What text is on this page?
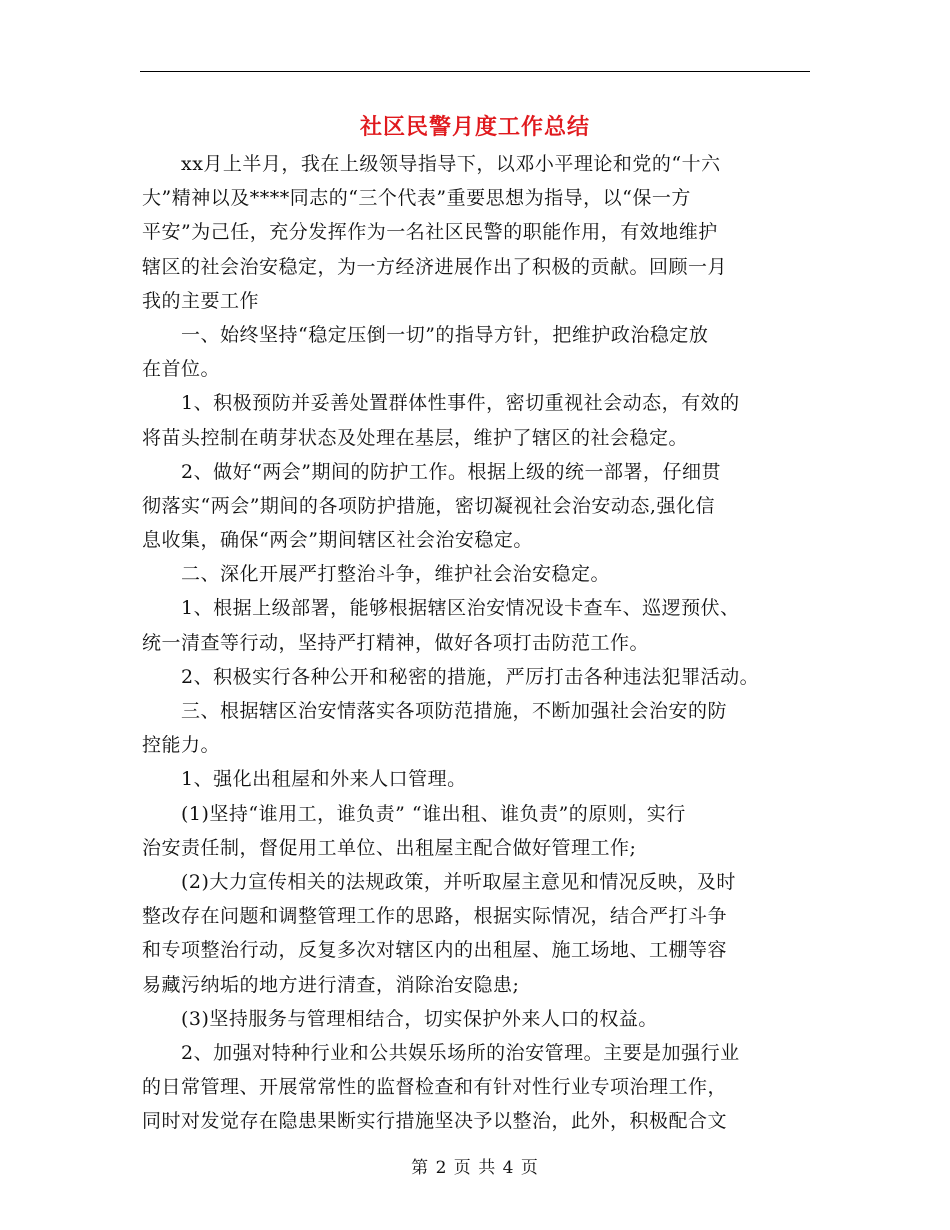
社区民警月度工作总结
　　xx月上半月，我在上级领导指导下，以邓小平理论和党的“十六
大”精神以及****同志的“三个代表”重要思想为指导，以“保一方
平安”为己任，充分发挥作为一名社区民警的职能作用，有效地维护
辖区的社会治安稳定，为一方经济进展作出了积极的贡献。回顾一月
我的主要工作
　　一、始终坚持“稳定压倒一切”的指导方针，把维护政治稳定放
在首位。
　　1、积极预防并妥善处置群体性事件，密切重视社会动态，有效的
将苗头控制在萌芽状态及处理在基层，维护了辖区的社会稳定。
　　2、做好“两会”期间的防护工作。根据上级的统一部署，仔细贯
彻落实“两会”期间的各项防护措施，密切凝视社会治安动态,强化信
息收集，确保“两会”期间辖区社会治安稳定。
　　二、深化开展严打整治斗争，维护社会治安稳定。
　　1、根据上级部署，能够根据辖区治安情况设卡查车、巡逻预伏、
统一清查等行动，坚持严打精神，做好各项打击防范工作。
　　2、积极实行各种公开和秘密的措施，严厉打击各种违法犯罪活动。
　　三、根据辖区治安情落实各项防范措施，不断加强社会治安的防
控能力。
　　1、强化出租屋和外来人口管理。
　　(1)坚持“谁用工，谁负责” “谁出租、谁负责”的原则，实行
治安责任制，督促用工单位、出租屋主配合做好管理工作;
　　(2)大力宣传相关的法规政策，并听取屋主意见和情况反映，及时
整改存在问题和调整管理工作的思路，根据实际情况，结合严打斗争
和专项整治行动，反复多次对辖区内的出租屋、施工场地、工棚等容
易藏污纳垢的地方进行清查，消除治安隐患;
　　(3)坚持服务与管理相结合，切实保护外来人口的权益。
　　2、加强对特种行业和公共娱乐场所的治安管理。主要是加强行业
的日常管理、开展常常性的监督检查和有针对性行业专项治理工作，
同时对发觉存在隐患果断实行措施坚决予以整治，此外，积极配合文
第 2 页 共 4 页
